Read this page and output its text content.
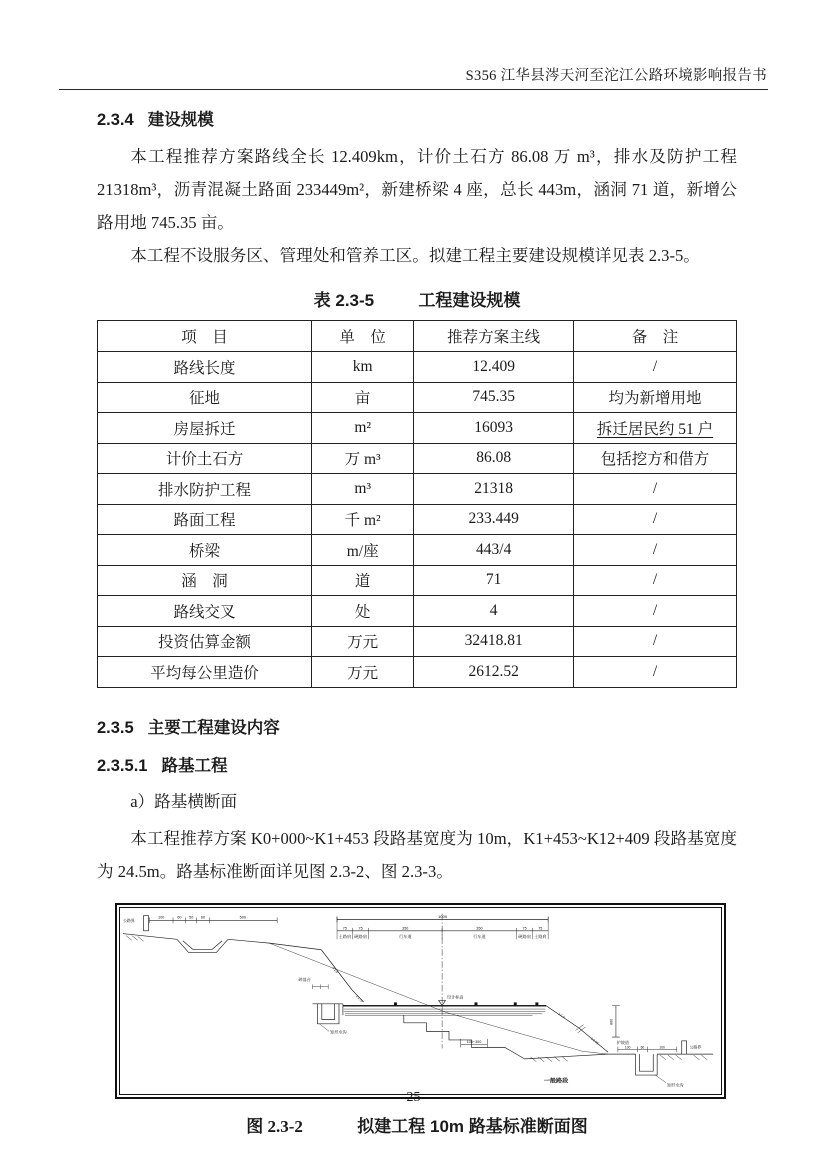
S356 江华县涔天河至沱江公路环境影响报告书

2.3.4 建设规模

本工程推荐方案路线全长 12.409km，计价土石方 86.08 万 m³，排水及防护工程21318m³，沥青混凝土路面 233449m²，新建桥梁 4 座，总长 443m，涵洞 71 道，新增公路用地 745.35 亩。

本工程不设服务区、管理处和管养工区。拟建工程主要建设规模详见表 2.3-5。

表 2.3-5	工程建设规模
项　目	单　位	推荐方案主线	备　注
路线长度	km	12.409	/
征地	亩	745.35	均为新增用地
房屋拆迁	m²	16093	拆迁居民约 51 户
计价土石方	万 m³	86.08	包括挖方和借方
排水防护工程	m³	21318	/
路面工程	千 m²	233.449	/
桥梁	m/座	443/4	/
涵　洞	道	71	/
路线交叉	处	4	/
投资估算金额	万元	32418.81	/
平均每公里造价	万元	2612.52	/

2.3.5 主要工程建设内容

2.3.5.1 路基工程

a）路基横断面

本工程推荐方案 K0+000~K1+453 段路基宽度为 10m，K1+453~K12+409 段路基宽度为 24.5m。路基标准断面详见图 2.3-2、图 2.3-3。

公路界
100	60 50 60	500	1000
75	75	350	350	75	75
土路肩 硬路肩	行车道	行车道	硬路肩 土路肩
1:1.5
1:1.75
碎落台
矩形水沟
设计标高
1:1.5
1:1.75
800
护坡道
100	60	100	公路界
矩形水沟
100~300
一般路段
图 2.3-2	拟建工程 10m 路基标准断面图
25
